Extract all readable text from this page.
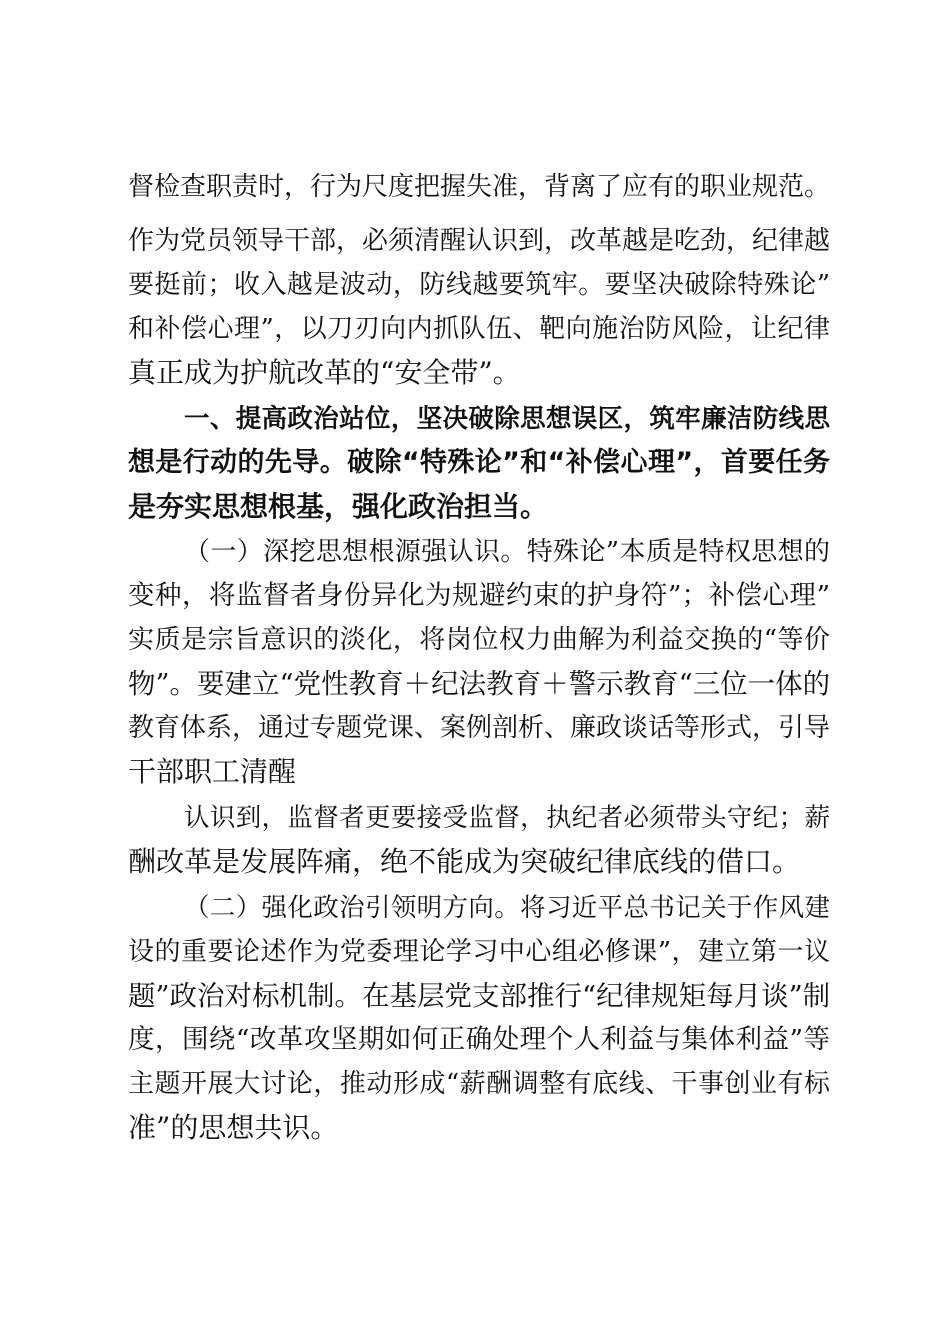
督检查职责时，行为尺度把握失准，背离了应有的职业规范。
作为党员领导干部，必须清醒认识到，改革越是吃劲，纪律越
要挺前；收入越是波动，防线越要筑牢。要坚决破除特殊论”
和补偿心理”，以刀刃向内抓队伍、靶向施治防风险，让纪律
真正成为护航改革的“安全带”。
一、提高政治站位，坚决破除思想误区，筑牢廉洁防线思
想是行动的先导。破除“特殊论”和“补偿心理”，首要任务
是夯实思想根基，强化政治担当。
（一）深挖思想根源强认识。特殊论”本质是特权思想的
变种，将监督者身份异化为规避约束的护身符”；补偿心理”
实质是宗旨意识的淡化，将岗位权力曲解为利益交换的“等价
物”。要建立“党性教育＋纪法教育＋警示教育“三位一体的
教育体系，通过专题党课、案例剖析、廉政谈话等形式，引导
干部职工清醒
认识到，监督者更要接受监督，执纪者必须带头守纪；薪
酬改革是发展阵痛，绝不能成为突破纪律底线的借口。
（二）强化政治引领明方向。将习近平总书记关于作风建
设的重要论述作为党委理论学习中心组必修课”，建立第一议
题”政治对标机制。在基层党支部推行“纪律规矩每月谈”制
度，围绕“改革攻坚期如何正确处理个人利益与集体利益”等
主题开展大讨论，推动形成“薪酬调整有底线、干事创业有标
准”的思想共识。
